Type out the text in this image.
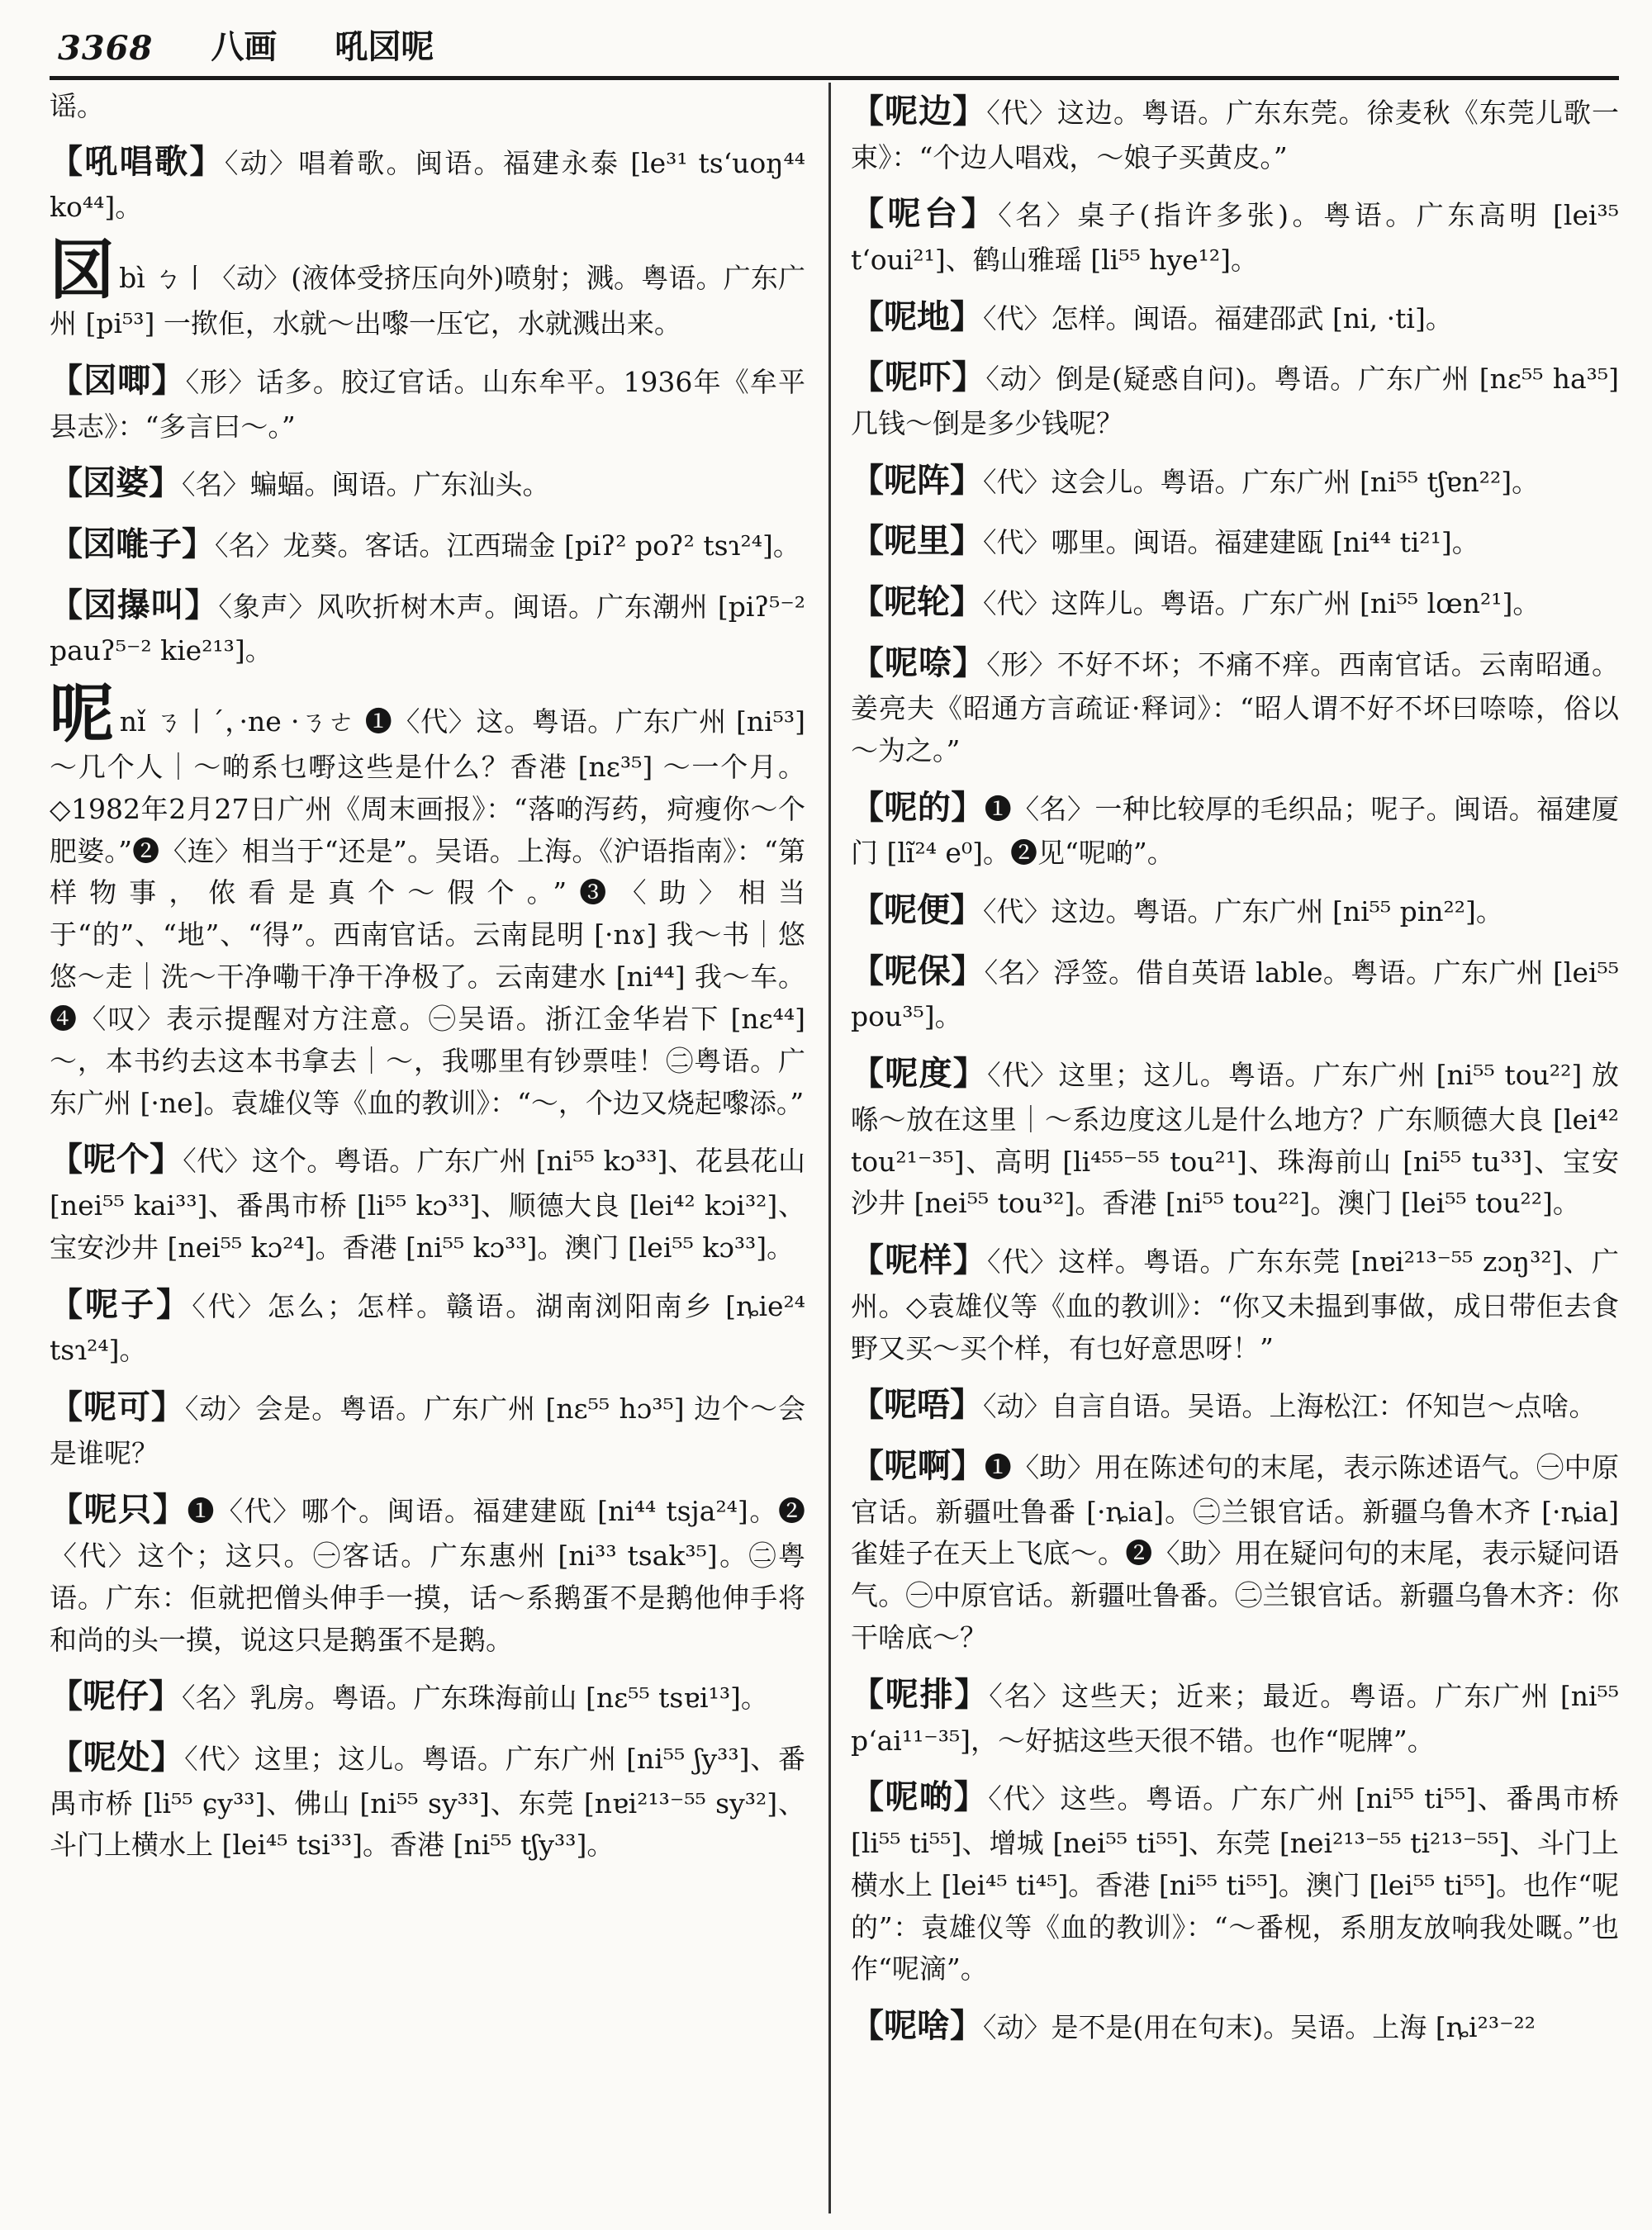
3368 八画 吼㘝呢
谣。
【吼唱歌】〈动〉唱着歌。闽语。福建永泰 [le³¹ tsʻuoŋ⁴⁴ ko⁴⁴]。
㘝bì ㄅ丨〈动〉(液体受挤压向外)喷射；溅。粤语。广东广州 [pi⁵³] 一揿佢，水就～出嚟一压它，水就溅出来。
【㘝唧】〈形〉话多。胶辽官话。山东牟平。1936年《牟平县志》：“多言曰～。”
【㘝婆】〈名〉蝙蝠。闽语。广东汕头。
【㘝𠹌子】〈名〉龙葵。客话。江西瑞金 [piʔ² poʔ² tsɿ²⁴]。
【㘝㩧叫】〈象声〉风吹折树木声。闽语。广东潮州 [piʔ⁵⁻² pauʔ⁵⁻² kie²¹³]。
呢nǐ ㄋ丨ˊ，·ne ·ㄋㄜ ❶〈代〉这。粤语。广东广州 [ni⁵³] ～几个人｜～啲系乜嘢这些是什么？香港 [nɛ³⁵] ～一个月。◇1982年2月27日广州《周末画报》：“落啲泻药，疴瘦你～个肥婆。”❷〈连〉相当于“还是”。吴语。上海。《沪语指南》：“第样物事，侬看是真个～假个。”❸〈助〉相当于“的”、“地”、“得”。西南官话。云南昆明 [·nɤ] 我～书｜悠悠～走｜洗～干净嘞干净干净极了。云南建水 [ni⁴⁴] 我～车。❹〈叹〉表示提醒对方注意。㊀吴语。浙江金华岩下 [nɛ⁴⁴] ～，本书约去这本书拿去｜～，我哪里有钞票哇！㊁粤语。广东广州 [·ne]。袁雄仪等《血的教训》：“～，个边又烧起嚟添。”
【呢个】〈代〉这个。粤语。广东广州 [ni⁵⁵ kɔ³³]、花县花山 [nei⁵⁵ kai³³]、番禺市桥 [li⁵⁵ kɔ³³]、顺德大良 [lei⁴² kɔi³²]、宝安沙井 [nei⁵⁵ kɔ²⁴]。香港 [ni⁵⁵ kɔ³³]。澳门 [lei⁵⁵ kɔ³³]。
【呢子】〈代〉怎么；怎样。赣语。湖南浏阳南乡 [ȵie²⁴ tsɿ²⁴]。
【呢可】〈动〉会是。粤语。广东广州 [nɛ⁵⁵ hɔ³⁵] 边个～会是谁呢？
【呢只】❶〈代〉哪个。闽语。福建建瓯 [ni⁴⁴ tsja²⁴]。❷〈代〉这个；这只。㊀客话。广东惠州 [ni³³ tsak³⁵]。㊁粤语。广东：佢就把僧头伸手一摸，话～系鹅蛋不是鹅他伸手将和尚的头一摸，说这只是鹅蛋不是鹅。
【呢仔】〈名〉乳房。粤语。广东珠海前山 [nɛ⁵⁵ tsɐi¹³]。
【呢处】〈代〉这里；这儿。粤语。广东广州 [ni⁵⁵ ʃy³³]、番禺市桥 [li⁵⁵ ɕy³³]、佛山 [ni⁵⁵ sy³³]、东莞 [nɐi²¹³⁻⁵⁵ sy³²]、斗门上横水上 [lei⁴⁵ tsi³³]。香港 [ni⁵⁵ tʃy³³]。
【呢边】〈代〉这边。粤语。广东东莞。徐麦秋《东莞儿歌一束》：“个边人唱戏，～娘子买黄皮。”
【呢台】〈名〉桌子(指许多张)。粤语。广东高明 [lei³⁵ tʻoui²¹]、鹤山雅瑶 [li⁵⁵ hye¹²]。
【呢地】〈代〉怎样。闽语。福建邵武 [ni, ·ti]。
【呢吓】〈动〉倒是(疑惑自问)。粤语。广东广州 [nɛ⁵⁵ ha³⁵] 几钱～倒是多少钱呢？
【呢阵】〈代〉这会儿。粤语。广东广州 [ni⁵⁵ tʃɐn²²]。
【呢里】〈代〉哪里。闽语。福建建瓯 [ni⁴⁴ ti²¹]。
【呢轮】〈代〉这阵儿。粤语。广东广州 [ni⁵⁵ lœn²¹]。
【呢㖠】〈形〉不好不坏；不痛不痒。西南官话。云南昭通。姜亮夫《昭通方言疏证·释词》：“昭人谓不好不坏曰㖠㖠，俗以～为之。”
【呢的】❶〈名〉一种比较厚的毛织品；呢子。闽语。福建厦门 [lĩ²⁴ e⁰]。❷见“呢啲”。
【呢便】〈代〉这边。粤语。广东广州 [ni⁵⁵ pin²²]。
【呢保】〈名〉浮签。借自英语 lable。粤语。广东广州 [lei⁵⁵ pou³⁵]。
【呢度】〈代〉这里；这儿。粤语。广东广州 [ni⁵⁵ tou²²] 放喺～放在这里｜～系边度这儿是什么地方？广东顺德大良 [lei⁴² tou²¹⁻³⁵]、高明 [li⁴⁵⁵⁻⁵⁵ tou²¹]、珠海前山 [ni⁵⁵ tu³³]、宝安沙井 [nei⁵⁵ tou³²]。香港 [ni⁵⁵ tou²²]。澳门 [lei⁵⁵ tou²²]。
【呢样】〈代〉这样。粤语。广东东莞 [nɐi²¹³⁻⁵⁵ zɔŋ³²]、广州。◇袁雄仪等《血的教训》：“你又未揾到事做，成日带佢去食野又买～买个样，有乜好意思呀！”
【呢唔】〈动〉自言自语。吴语。上海松江：伓知岂～点啥。
【呢啊】❶〈助〉用在陈述句的末尾，表示陈述语气。㊀中原官话。新疆吐鲁番 [·ȵia]。㊁兰银官话。新疆乌鲁木齐 [·ȵia] 雀娃子在天上飞底～。❷〈助〉用在疑问句的末尾，表示疑问语气。㊀中原官话。新疆吐鲁番。㊁兰银官话。新疆乌鲁木齐：你干啥底～？
【呢排】〈名〉这些天；近来；最近。粤语。广东广州 [ni⁵⁵ pʻai¹¹⁻³⁵]，～好掂这些天很不错。也作“呢牌”。
【呢啲】〈代〉这些。粤语。广东广州 [ni⁵⁵ ti⁵⁵]、番禺市桥 [li⁵⁵ ti⁵⁵]、增城 [nei⁵⁵ ti⁵⁵]、东莞 [nei²¹³⁻⁵⁵ ti²¹³⁻⁵⁵]、斗门上横水上 [lei⁴⁵ ti⁴⁵]。香港 [ni⁵⁵ ti⁵⁵]。澳门 [lei⁵⁵ ti⁵⁵]。也作“呢的”：袁雄仪等《血的教训》：“～番枧，系朋友放响我处嘅。”也作“呢滴”。
【呢啥】〈动〉是不是(用在句末)。吴语。上海 [ȵi²³⁻²²
